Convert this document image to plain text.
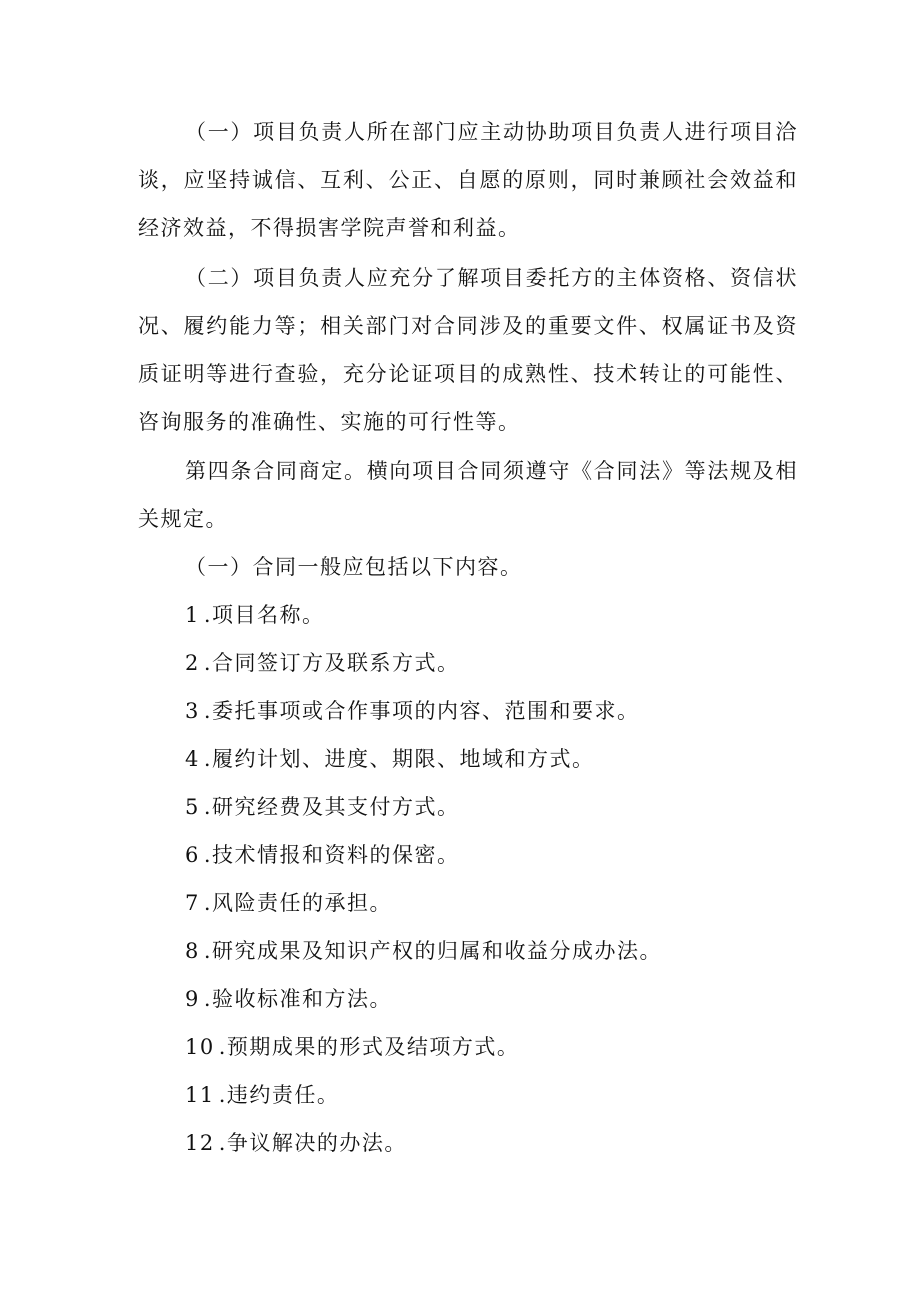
（一）项目负责人所在部门应主动协助项目负责人进行项目洽谈，应坚持诚信、互利、公正、自愿的原则，同时兼顾社会效益和经济效益，不得损害学院声誉和利益。

（二）项目负责人应充分了解项目委托方的主体资格、资信状况、履约能力等；相关部门对合同涉及的重要文件、权属证书及资质证明等进行查验，充分论证项目的成熟性、技术转让的可能性、咨询服务的准确性、实施的可行性等。

第四条合同商定。横向项目合同须遵守《合同法》等法规及相关规定。

（一）合同一般应包括以下内容。

1 .项目名称。

2 .合同签订方及联系方式。

3 .委托事项或合作事项的内容、范围和要求。

4 .履约计划、进度、期限、地域和方式。

5 .研究经费及其支付方式。

6 .技术情报和资料的保密。

7 .风险责任的承担。

8 .研究成果及知识产权的归属和收益分成办法。

9 .验收标准和方法。

10 .预期成果的形式及结项方式。

11 .违约责任。

12 .争议解决的办法。
